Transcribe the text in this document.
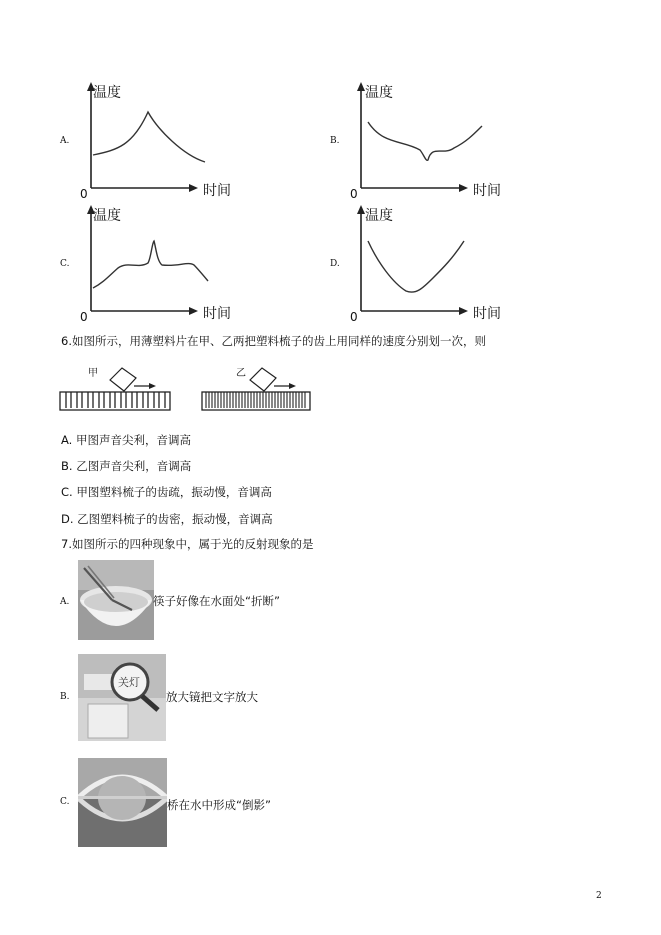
A.
温度
时间
0
B.
温度
时间
0
C.
温度
时间
0
D.
温度
时间
0
6.如图所示，用薄塑料片在甲、乙两把塑料梳子的齿上用同样的速度分别划一次，则
甲	乙
A. 甲图声音尖利，音调高
B. 乙图声音尖利，音调高
C. 甲图塑料梳子的齿疏，振动慢，音调高
D. 乙图塑料梳子的齿密，振动慢，音调高
7.如图所示的四种现象中，属于光的反射现象的是
A.	筷子好像在水面处“折断”
B.
关灯
放大镜把文字放大
C.	桥在水中形成“倒影”
2
